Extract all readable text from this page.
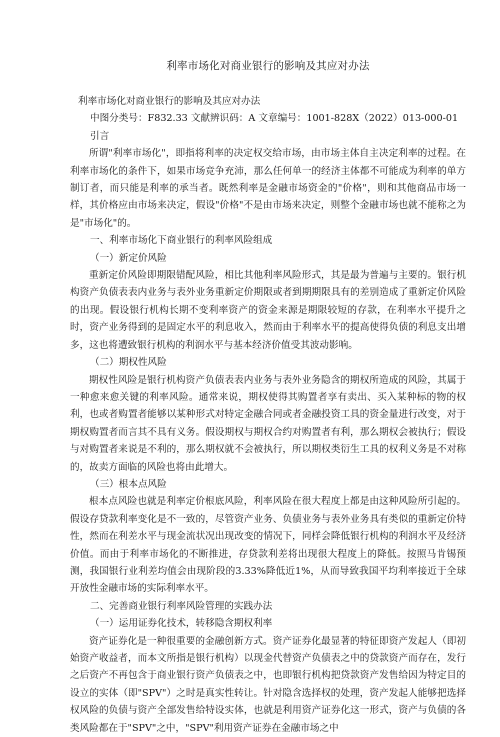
利率市场化对商业银行的影响及其应对办法

利率市场化对商业银行的影响及其应对办法

中图分类号：F832.33 文献辨识码：A 文章编号：1001-828X（2022）013-000-01

引言

所谓"利率市场化"，即指将利率的决定权交给市场，由市场主体自主决定利率的过程。在利率市场化的条件下，如果市场竞争充沛，那么任何单一的经济主体都不可能成为利率的单方制订者，而只能是利率的承当者。既然利率是金融市场资金的"价格"，则和其他商品市场一样，其价格应由市场来决定，假设"价格"不是由市场来决定，则整个金融市场也就不能称之为是"市场化"的。

一、利率市场化下商业银行的利率风险组成

（一）新定价风险

重新定价风险即期限错配风险，相比其他利率风险形式，其是最为普遍与主要的。银行机构资产负债表表内业务与表外业务重新定价期限或者到期期限具有的差别造成了重新定价风险的出现。假设银行机构长期不变利率资产的资金来源是期限较短的存款，在利率水平提升之时，资产业务得到的是固定水平的利息收入，然而由于利率水平的提高使得负债的利息支出增多，这也将遭致银行机构的利润水平与基本经济价值受其波动影响。

（二）期权性风险

期权性风险是银行机构资产负债表表内业务与表外业务隐含的期权所造成的风险，其属于一种愈来愈关键的利率风险。通常来说，期权使得其购置者享有卖出、买入某种标的物的权利，也或者购置者能够以某种形式对特定金融合同或者金融投资工具的资金量进行改变，对于期权购置者而言其不具有义务。假设期权与期权合约对购置者有利，那么期权会被执行；假设与对购置者来说是不利的，那么期权就不会被执行，所以期权类衍生工具的权利义务是不对称的，故卖方面临的风险也将由此增大。

（三）根本点风险

根本点风险也就是利率定价根底风险，利率风险在很大程度上都是由这种风险所引起的。假设存贷款利率变化是不一致的，尽管资产业务、负债业务与表外业务具有类似的重新定价特性，然而在利差水平与现金流状况出现改变的情况下，同样会降低银行机构的利润水平及经济价值。而由于利率市场化的不断推进，存贷款利差将出现很大程度上的降低。按照马肯锡预测，我国银行业利差均值会由现阶段的3.33%降低近1%，从而导致我国平均利率接近于全球开放性金融市场的实际利率水平。

二、完善商业银行利率风险管理的实践办法

（一）运用证券化技术，转移隐含期权利率

资产证券化是一种很重要的金融创新方式。资产证券化最显著的特征即资产发起人（即初始资产收益者，而本文所指是银行机构）以现金代替资产负债表之中的贷款资产而存在，发行之后资产不再包含于商业银行资产负债表之中，也即银行机构把贷款资产发售给因为特定目的设立的实体（即"SPV"）之时是真实性转让。针对隐含选择权的处理，资产发起人能够把选择权风险的负债与资产全部发售给特设实体，也就是利用资产证券化这一形式，资产与负债的各类风险都在于"SPV"之中，"SPV"利用资产证券在金融市场之中
